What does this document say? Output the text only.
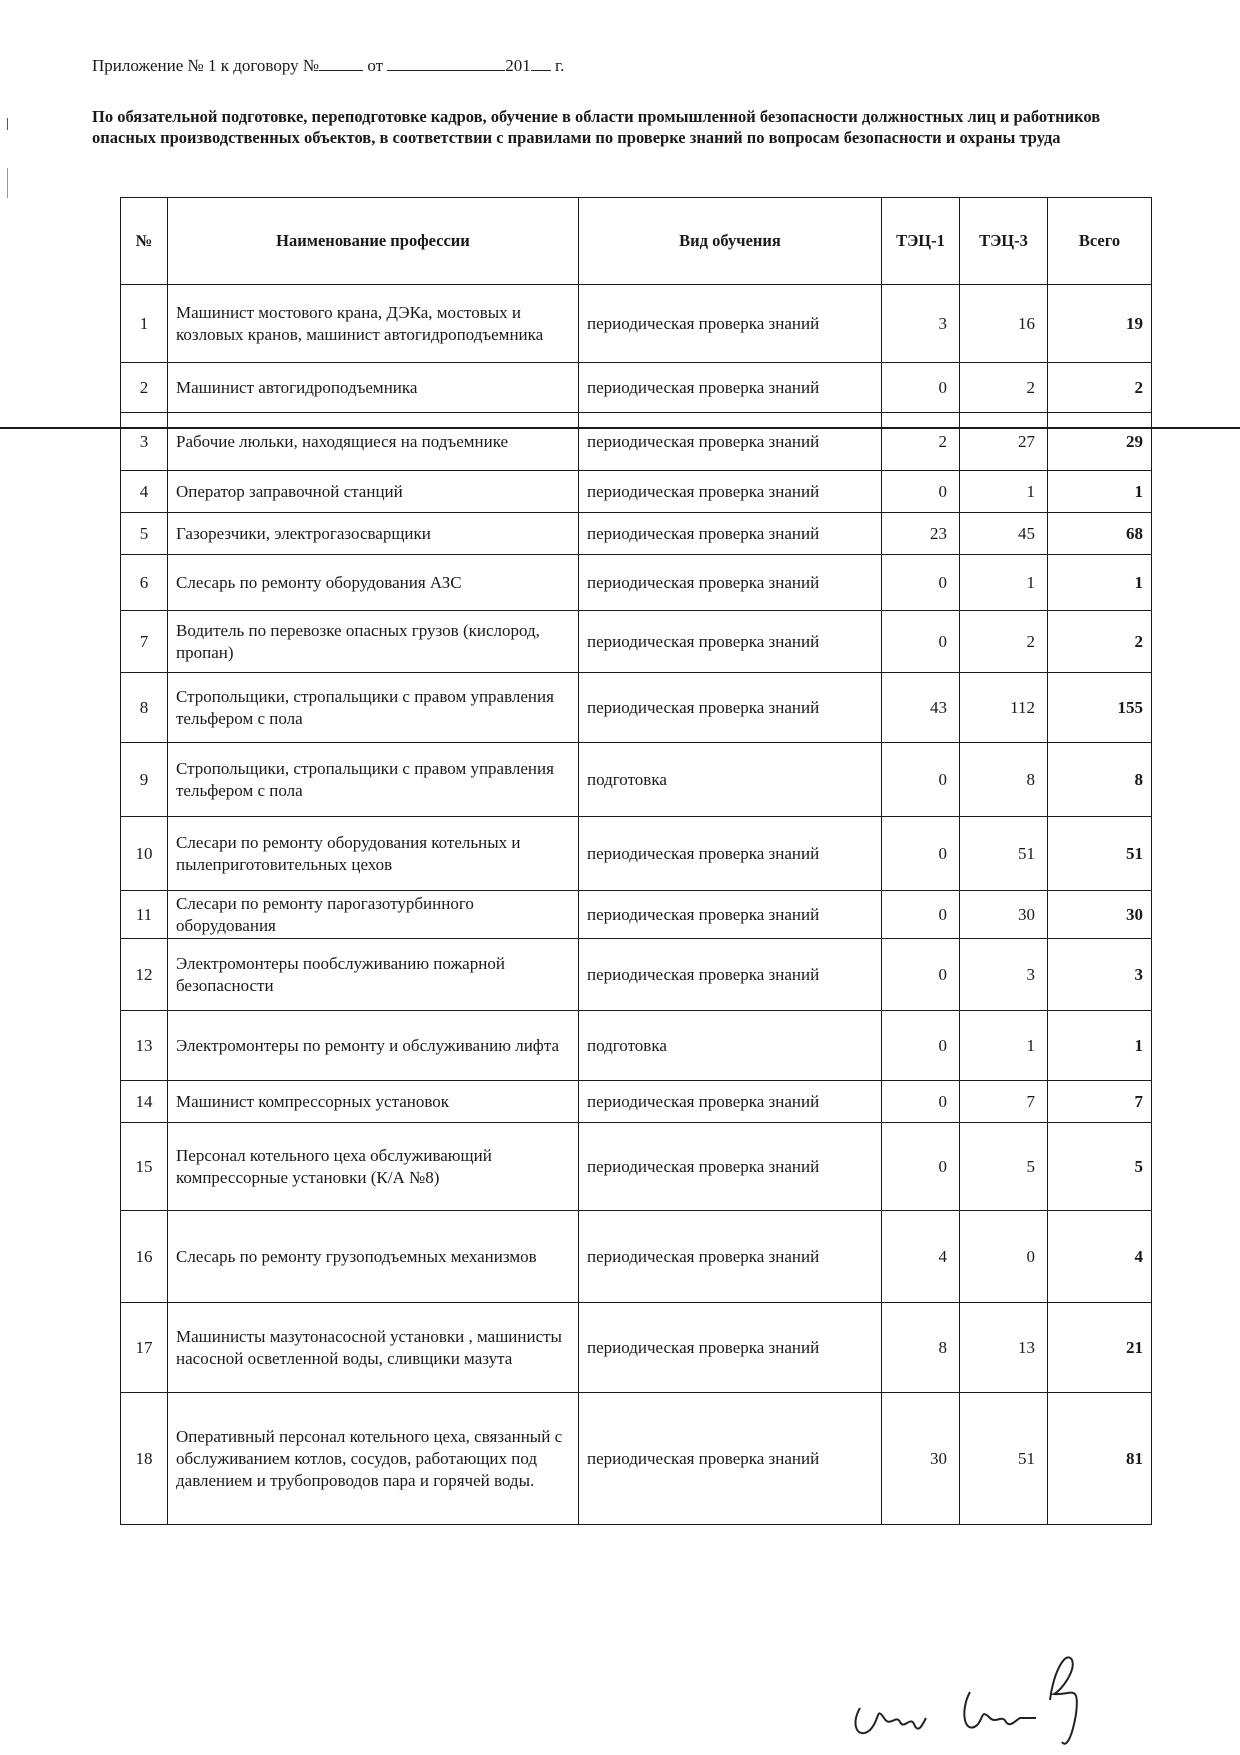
Приложение № 1 к договору №	от	201 г.
По обязательной подготовке, переподготовке кадров, обучение в области промышленной безопасности должностных лиц и работников опасных производственных объектов, в соответствии с правилами по проверке знаний по вопросам безопасности и охраны труда
№	Наименование профессии	Вид обучения	ТЭЦ-1	ТЭЦ-3	Всего
1	Машинист мостового крана, ДЭКа, мостовых и козловых кранов, машинист автогидроподъемника	периодическая проверка знаний	3	16	19
2	Машинист автогидроподъемника	периодическая проверка знаний	0	2	2
3	Рабочие люльки, находящиеся на подъемнике	периодическая проверка знаний	2	27	29
4	Оператор заправочной станций	периодическая проверка знаний	0	1	1
5	Газорезчики, электрогазосварщики	периодическая проверка знаний	23	45	68
6	Слесарь по ремонту оборудования АЗС	периодическая проверка знаний	0	1	1
7	Водитель по перевозке опасных грузов (кислород, пропан)	периодическая проверка знаний	0	2	2
8	Стропольщики, стропальщики с правом управления тельфером с пола	периодическая проверка знаний	43	112	155
9	Стропольщики, стропальщики с правом управления тельфером с пола	подготовка	0	8	8
10	Слесари по ремонту оборудования котельных и пылеприготовительных цехов	периодическая проверка знаний	0	51	51
11	Слесари по ремонту парогазотурбинного оборудования	периодическая проверка знаний	0	30	30
12	Электромонтеры пообслуживанию пожарной безопасности	периодическая проверка знаний	0	3	3
13	Электромонтеры по ремонту и обслуживанию лифта	подготовка	0	1	1
14	Машинист компрессорных установок	периодическая проверка знаний	0	7	7
15	Персонал котельного цеха обслуживающий компрессорные установки (К/А №8)	периодическая проверка знаний	0	5	5
16	Слесарь по ремонту грузоподъемных механизмов	периодическая проверка знаний	4	0	4
17	Машинисты мазутонасосной установки , машинисты насосной осветленной воды, сливщики мазута	периодическая проверка знаний	8	13	21
18	Оперативный персонал котельного цеха, связанный с обслуживанием котлов, сосудов, работающих под давлением и трубопроводов пара и горячей воды.	периодическая проверка знаний	30	51	81
